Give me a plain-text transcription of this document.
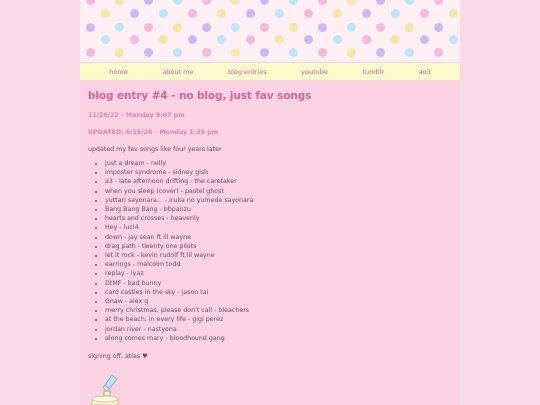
home	about me	blog entries	youtube	tumblr	ao3
blog entry #4 - no blog, just fav songs

11/26/22 - Monday 9:07 pm

UPDATED: 6/15/26 - Monday 1:35 pm

updated my fav songs like four years later

• just a dream - nelly
• imposter syndrome - sidney gish
• a3 - late afternoon drifting - the caretaker
• when you sleep (cover) - pastel ghost
• yuttari sayonara... - iruka no yumede sayonara
• Bang Bang Bang - bbpanzu
• hearts and crosses - heavenly
• Hey - luci4
• down - jay sean ft lil wayne
• drag path - twenty one pilots
• let it rock - kevin rudolf ft lil wayne
• earrings - malcolm todd
• replay - iyaz
• DtMF - bad bunny
• card castles in the sky - jason tai
• Gnaw - alex g
• merry christmas, please don't call - bleachers
• at the beach, in every life - gigi perez
• jordan river - nastyona
• along comes mary - bloodhound gang

signing off, atlas ♥
